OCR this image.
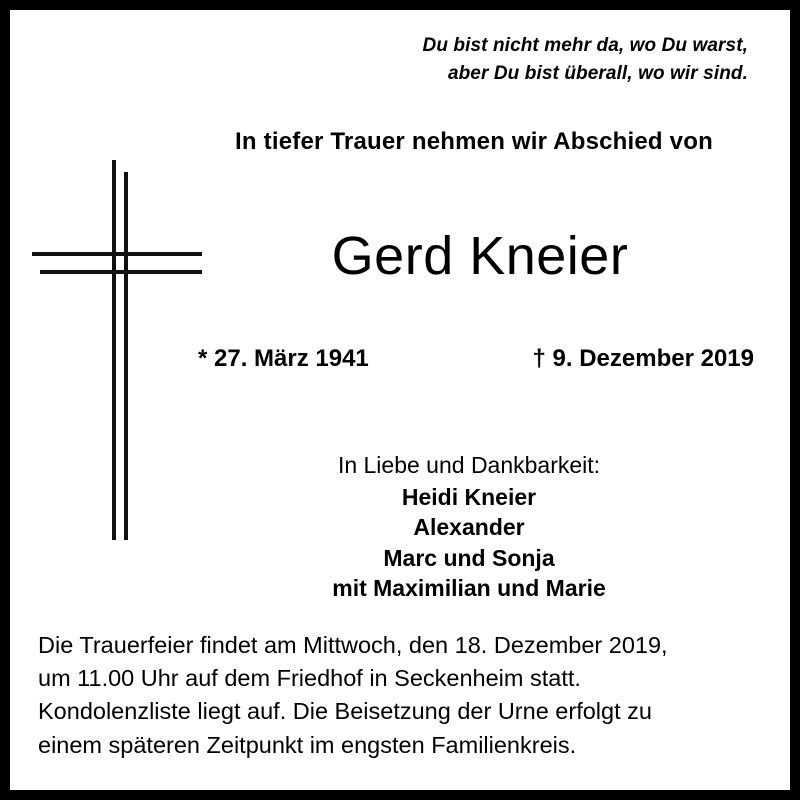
Du bist nicht mehr da, wo Du warst,
aber Du bist überall, wo wir sind.
In tiefer Trauer nehmen wir Abschied von
Gerd Kneier
* 27. März 1941	† 9. Dezember 2019
In Liebe und Dankbarkeit:
Heidi Kneier
Alexander
Marc und Sonja
mit Maximilian und Marie
Die Trauerfeier findet am Mittwoch, den 18. Dezember 2019,
um 11.00 Uhr auf dem Friedhof in Seckenheim statt.
Kondolenzliste liegt auf. Die Beisetzung der Urne erfolgt zu
einem späteren Zeitpunkt im engsten Familienkreis.
